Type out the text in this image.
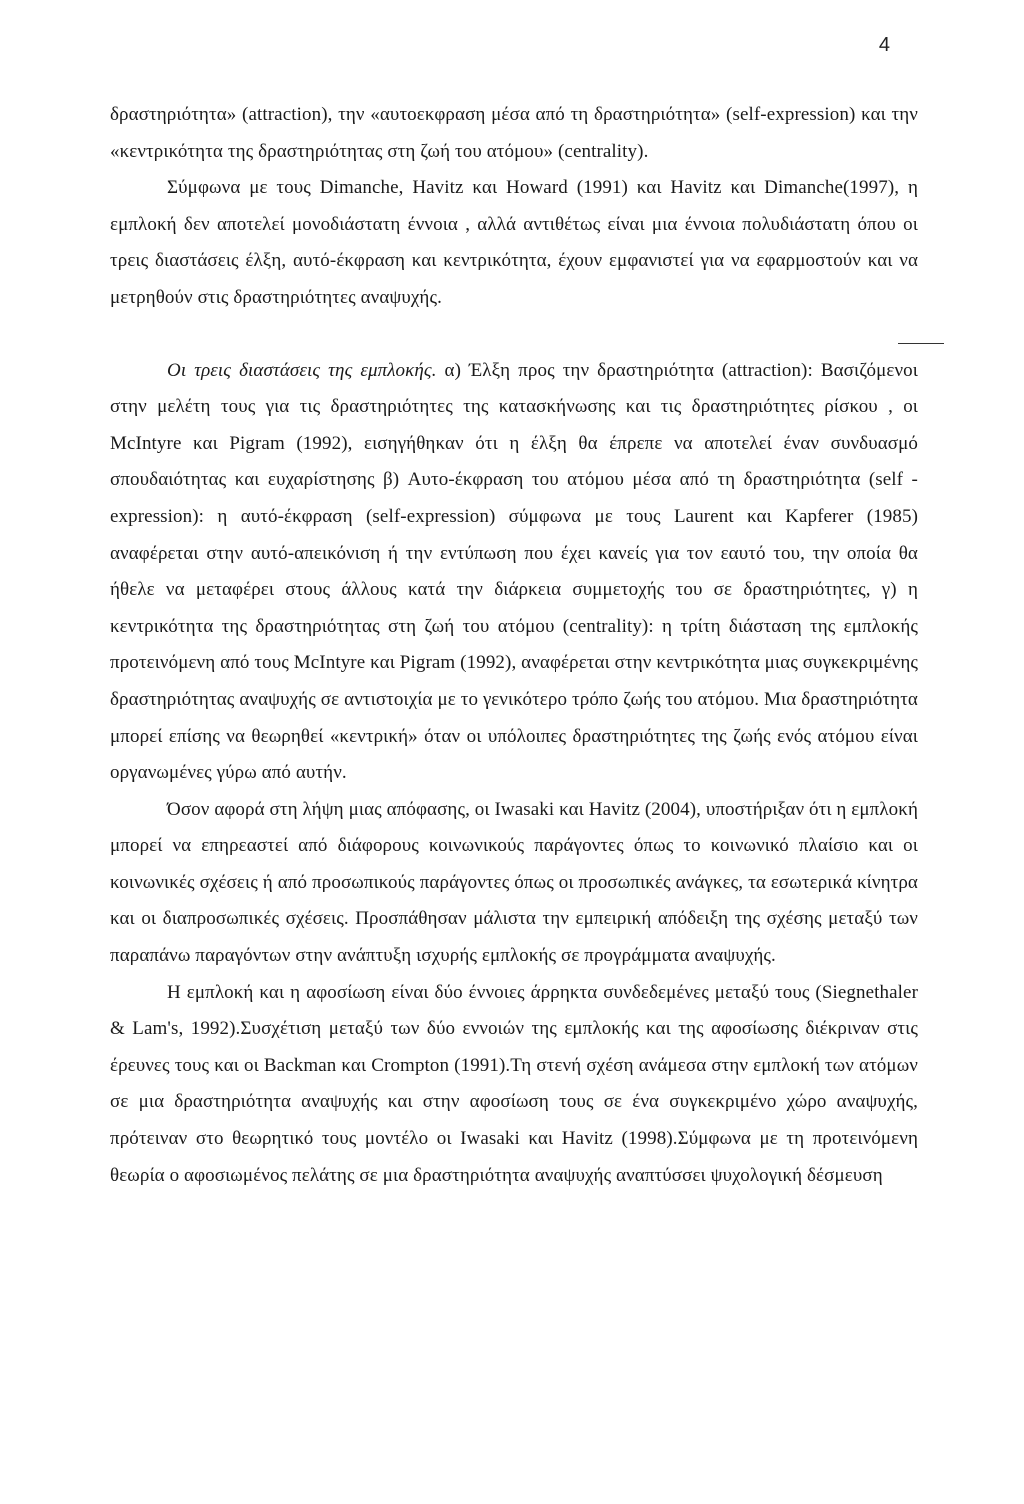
4

δραστηριότητα» (attraction), την «αυτοεκφραση μέσα από τη δραστηριότητα» (self-expression) και την «κεντρικότητα της δραστηριότητας στη ζωή του ατόμου» (centrality).

Σύμφωνα με τους Dimanche, Havitz και Howard (1991) και Havitz και Dimanche(1997), η εμπλοκή δεν αποτελεί μονοδιάστατη έννοια , αλλά αντιθέτως είναι μια έννοια πολυδιάστατη όπου οι τρεις διαστάσεις έλξη, αυτό-έκφραση και κεντρικότητα, έχουν εμφανιστεί για να εφαρμοστούν και να μετρηθούν στις δραστηριότητες αναψυχής.

Οι τρεις διαστάσεις της εμπλοκής. α) Έλξη προς την δραστηριότητα (attraction): Βασιζόμενοι στην μελέτη τους για τις δραστηριότητες της κατασκήνωσης και τις δραστηριότητες ρίσκου , οι McIntyre και Pigram (1992), εισηγήθηκαν ότι η έλξη θα έπρεπε να αποτελεί έναν συνδυασμό σπουδαιότητας και ευχαρίστησης β) Αυτο-έκφραση του ατόμου μέσα από τη δραστηριότητα (self - expression): η αυτό-έκφραση (self-expression) σύμφωνα με τους Laurent και Kapferer (1985) αναφέρεται στην αυτό-απεικόνιση ή την εντύπωση που έχει κανείς για τον εαυτό του, την οποία θα ήθελε να μεταφέρει στους άλλους κατά την διάρκεια συμμετοχής του σε δραστηριότητες, γ) η κεντρικότητα της δραστηριότητας στη ζωή του ατόμου (centrality): η τρίτη διάσταση της εμπλοκής προτεινόμενη από τους McIntyre και Pigram (1992), αναφέρεται στην κεντρικότητα μιας συγκεκριμένης δραστηριότητας αναψυχής σε αντιστοιχία με το γενικότερο τρόπο ζωής του ατόμου. Μια δραστηριότητα μπορεί επίσης να θεωρηθεί «κεντρική» όταν οι υπόλοιπες δραστηριότητες της ζωής ενός ατόμου είναι οργανωμένες γύρω από αυτήν.

Όσον αφορά στη λήψη μιας απόφασης, οι Iwasaki και Havitz (2004), υποστήριξαν ότι η εμπλοκή μπορεί να επηρεαστεί από διάφορους κοινωνικούς παράγοντες όπως το κοινωνικό πλαίσιο και οι κοινωνικές σχέσεις ή από προσωπικούς παράγοντες όπως οι προσωπικές ανάγκες, τα εσωτερικά κίνητρα και οι διαπροσωπικές σχέσεις. Προσπάθησαν μάλιστα την εμπειρική απόδειξη της σχέσης μεταξύ των παραπάνω παραγόντων στην ανάπτυξη ισχυρής εμπλοκής σε προγράμματα αναψυχής.

Η εμπλοκή και η αφοσίωση είναι δύο έννοιες άρρηκτα συνδεδεμένες μεταξύ τους (Siegnethaler & Lam's, 1992).Συσχέτιση μεταξύ των δύο εννοιών της εμπλοκής και της αφοσίωσης διέκριναν στις έρευνες τους και οι Backman και Crompton (1991).Τη στενή σχέση ανάμεσα στην εμπλοκή των ατόμων σε μια δραστηριότητα αναψυχής και στην αφοσίωση τους σε ένα συγκεκριμένο χώρο αναψυχής, πρότειναν στο θεωρητικό τους μοντέλο οι Iwasaki και Havitz (1998).Σύμφωνα με τη προτεινόμενη θεωρία ο αφοσιωμένος πελάτης σε μια δραστηριότητα αναψυχής αναπτύσσει ψυχολογική δέσμευση
